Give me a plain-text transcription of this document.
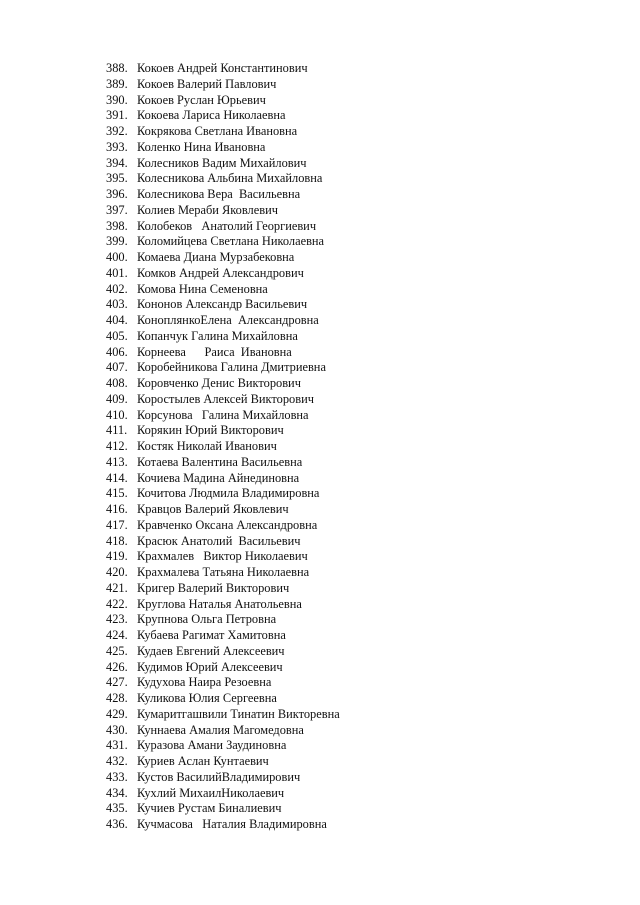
388. Кокоев Андрей Константинович
389. Кокоев Валерий Павлович
390. Кокоев Руслан Юрьевич
391. Кокоева Лариса Николаевна
392. Кокрякова Светлана Ивановна
393. Коленко Нина Ивановна
394. Колесников Вадим Михайлович
395. Колесникова Альбина Михайловна
396. Колесникова Вера  Васильевна
397. Колиев Мераби Яковлевич
398. Колобеков   Анатолий Георгиевич
399. Коломийцева Светлана Николаевна
400. Комаева Диана Мурзабековна
401. Комков Андрей Александрович
402. Комова Нина Семеновна
403. Кононов Александр Васильевич
404. КоноплянкоЕлена  Александровна
405. Копанчук Галина Михайловна
406. Корнеева      Раиса  Ивановна
407. Коробейникова Галина Дмитриевна
408. Коровченко Денис Викторович
409. Коростылев Алексей Викторович
410. Корсунова   Галина Михайловна
411. Корякин Юрий Викторович
412. Костяк Николай Иванович
413. Котаева Валентина Васильевна
414. Кочиева Мадина Айнединовна
415. Кочитова Людмила Владимировна
416. Кравцов Валерий Яковлевич
417. Кравченко Оксана Александровна
418. Красюк Анатолий  Васильевич
419. Крахмалев   Виктор Николаевич
420. Крахмалева Татьяна Николаевна
421. Кригер Валерий Викторович
422. Круглова Наталья Анатольевна
423. Крупнова Ольга Петровна
424. Кубаева Рагимат Хамитовна
425. Кудаев Евгений Алексеевич
426. Кудимов Юрий Алексеевич
427. Кудухова Наира Резоевна
428. Куликова Юлия Сергеевна
429. Кумаритгашвили Тинатин Викторевна
430. Куннаева Амалия Магомедовна
431. Куразова Амани Заудиновна
432. Куриев Аслан Кунтаевич
433. Кустов ВасилийВладимирович
434. Кухлий МихаилНиколаевич
435. Кучиев Рустам Биналиевич
436. Кучмасова   Наталия Владимировна
